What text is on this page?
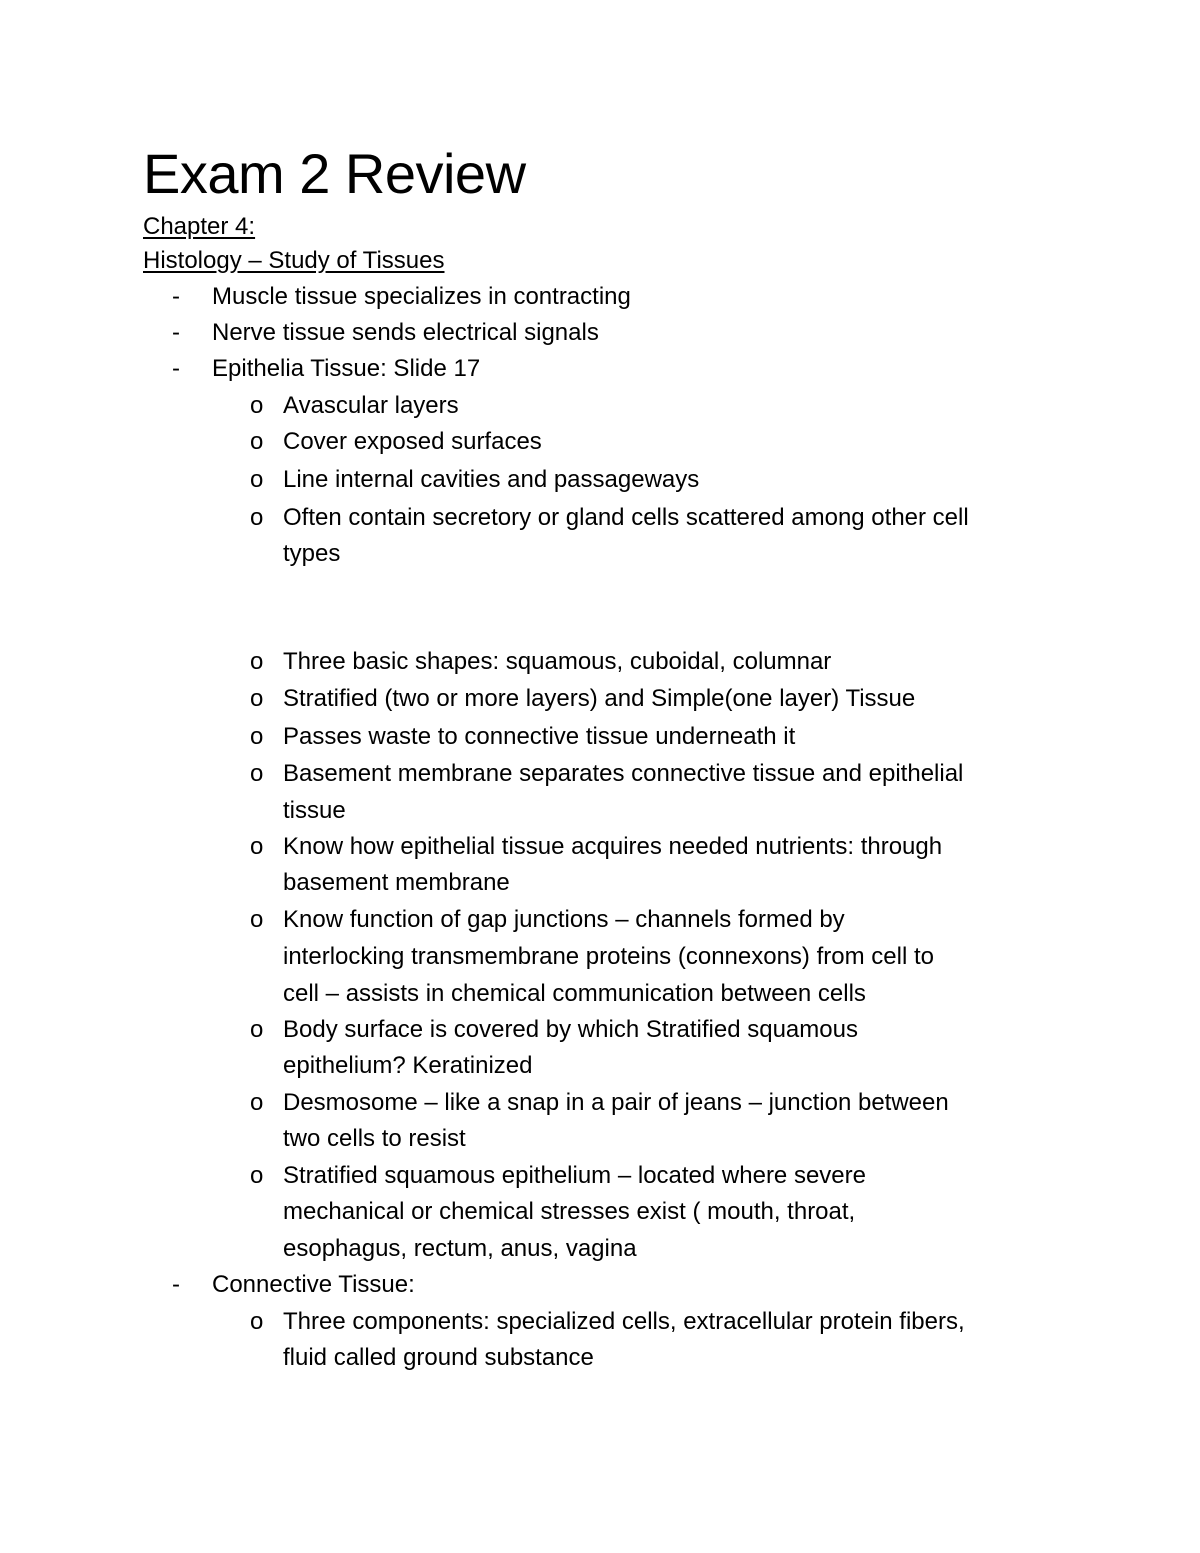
Exam 2 Review
Chapter 4:
Histology – Study of Tissues
- Muscle tissue specializes in contracting
- Nerve tissue sends electrical signals
- Epithelia Tissue: Slide 17
o Avascular layers
o Cover exposed surfaces
o Line internal cavities and passageways
o Often contain secretory or gland cells scattered among other cell
types
o Three basic shapes: squamous, cuboidal, columnar
o Stratified (two or more layers) and Simple(one layer) Tissue
o Passes waste to connective tissue underneath it
o Basement membrane separates connective tissue and epithelial
tissue
o Know how epithelial tissue acquires needed nutrients: through
basement membrane
o Know function of gap junctions – channels formed by
interlocking transmembrane proteins (connexons) from cell to
cell – assists in chemical communication between cells
o Body surface is covered by which Stratified squamous
epithelium? Keratinized
o Desmosome – like a snap in a pair of jeans – junction between
two cells to resist
o Stratified squamous epithelium – located where severe
mechanical or chemical stresses exist ( mouth, throat,
esophagus, rectum, anus, vagina
- Connective Tissue:
o Three components: specialized cells, extracellular protein fibers,
fluid called ground substance
